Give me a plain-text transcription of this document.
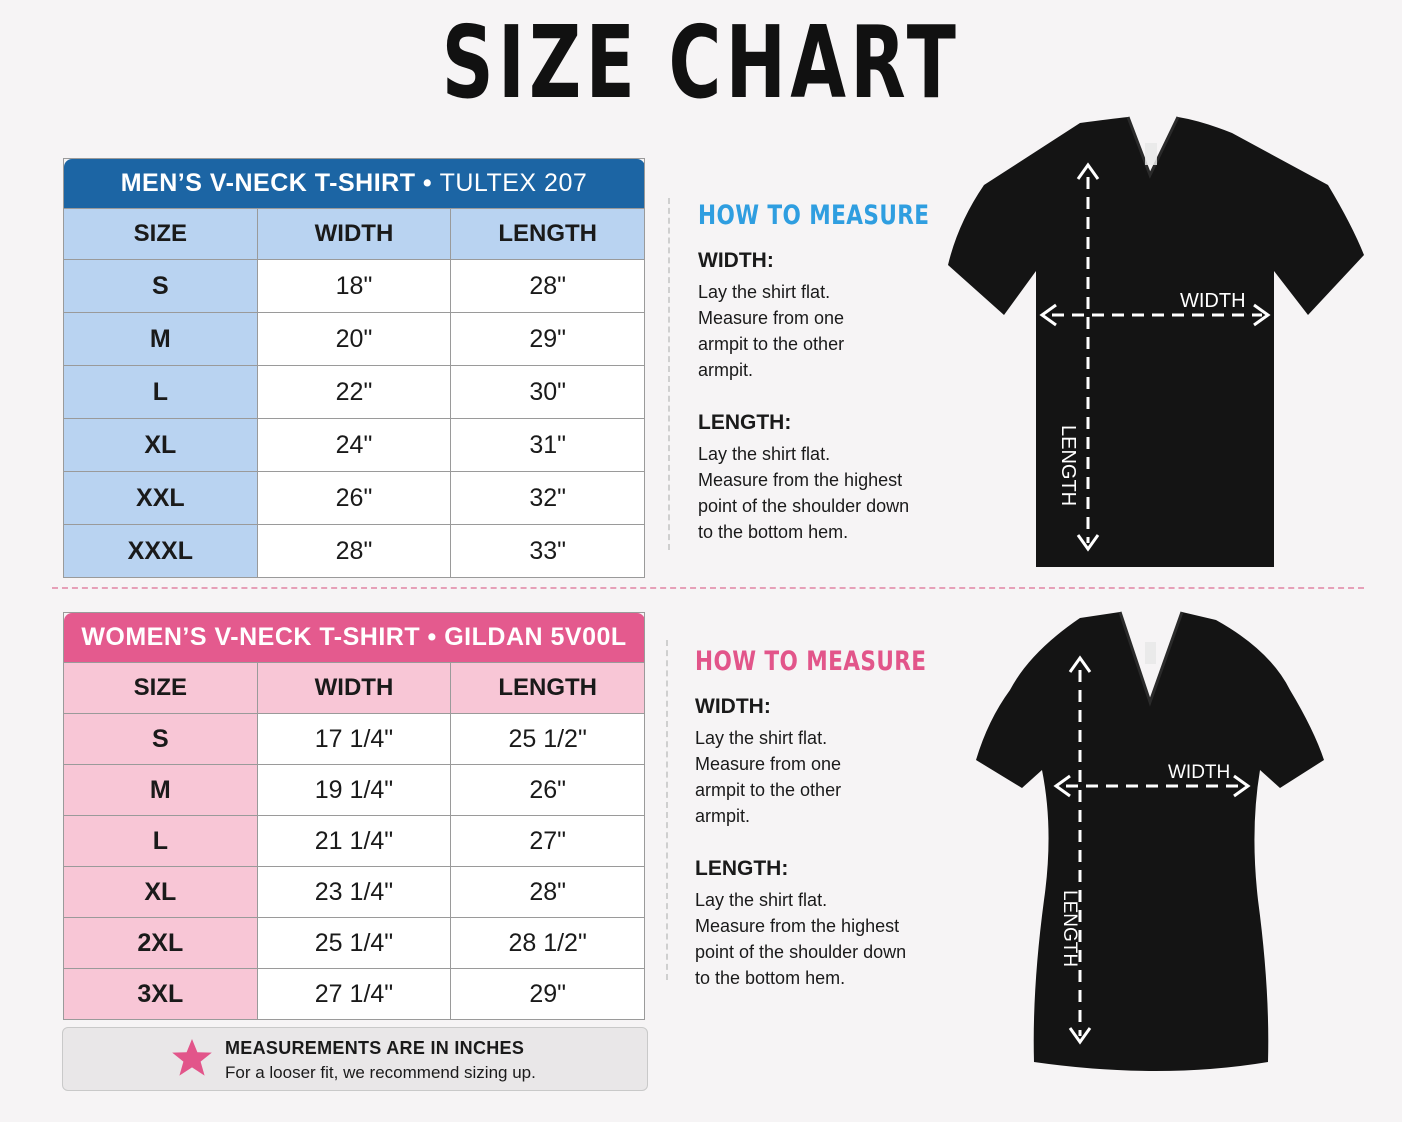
SIZE CHART
MEN’S V-NECK T-SHIRT • TULTEX 207		
SIZE	WIDTH	LENGTH
S	18"	28"
M	20"	29"
L	22"	30"
XL	24"	31"
XXL	26"	32"
XXXL	28"	33"
HOW TO MEASURE
WIDTH:
Lay the shirt flat.
Measure from one
armpit to the other
armpit.
LENGTH:
Lay the shirt flat.
Measure from the highest
point of the shoulder down
to the bottom hem.
WIDTH
LENGTH
WOMEN’S V-NECK T-SHIRT • GILDAN 5V00L		
SIZE	WIDTH	LENGTH
S	17 1/4"	25 1/2"
M	19 1/4"	26"
L	21 1/4"	27"
XL	23 1/4"	28"
2XL	25 1/4"	28 1/2"
3XL	27 1/4"	29"
HOW TO MEASURE
WIDTH:
Lay the shirt flat.
Measure from one
armpit to the other
armpit.
LENGTH:
Lay the shirt flat.
Measure from the highest
point of the shoulder down
to the bottom hem.
WIDTH
LENGTH
MEASUREMENTS ARE IN INCHES
For a looser fit, we recommend sizing up.
